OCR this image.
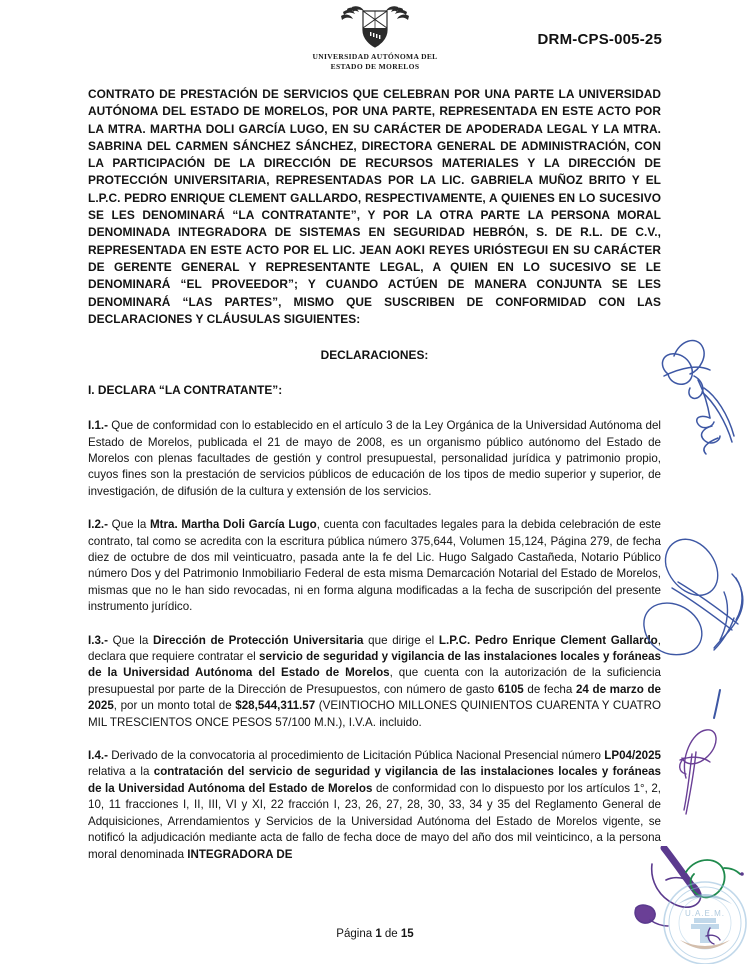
UNIVERSIDAD AUTÓNOMA DEL
ESTADO DE MORELOS
DRM-CPS-005-25

CONTRATO DE PRESTACIÓN DE SERVICIOS QUE CELEBRAN POR UNA PARTE LA UNIVERSIDAD AUTÓNOMA DEL ESTADO DE MORELOS, POR UNA PARTE, REPRESENTADA EN ESTE ACTO POR LA MTRA. MARTHA DOLI GARCÍA LUGO, EN SU CARÁCTER DE APODERADA LEGAL Y LA MTRA. SABRINA DEL CARMEN SÁNCHEZ SÁNCHEZ, DIRECTORA GENERAL DE ADMINISTRACIÓN, CON LA PARTICIPACIÓN DE LA DIRECCIÓN DE RECURSOS MATERIALES Y LA DIRECCIÓN DE PROTECCIÓN UNIVERSITARIA, REPRESENTADAS POR LA LIC. GABRIELA MUÑOZ BRITO Y EL L.P.C. PEDRO ENRIQUE CLEMENT GALLARDO, RESPECTIVAMENTE, A QUIENES EN LO SUCESIVO SE LES DENOMINARÁ “LA CONTRATANTE”, Y POR LA OTRA PARTE LA PERSONA MORAL DENOMINADA INTEGRADORA DE SISTEMAS EN SEGURIDAD HEBRÓN, S. DE R.L. DE C.V., REPRESENTADA EN ESTE ACTO POR EL LIC. JEAN AOKI REYES URIÓSTEGUI EN SU CARÁCTER DE GERENTE GENERAL Y REPRESENTANTE LEGAL, A QUIEN EN LO SUCESIVO SE LE DENOMINARÁ “EL PROVEEDOR”; Y CUANDO ACTÚEN DE MANERA CONJUNTA SE LES DENOMINARÁ “LAS PARTES”, MISMO QUE SUSCRIBEN DE CONFORMIDAD CON LAS DECLARACIONES Y CLÁUSULAS SIGUIENTES:

DECLARACIONES:
I. DECLARA “LA CONTRATANTE”:

I.1.- Que de conformidad con lo establecido en el artículo 3 de la Ley Orgánica de la Universidad Autónoma del Estado de Morelos, publicada el 21 de mayo de 2008, es un organismo público autónomo del Estado de Morelos con plenas facultades de gestión y control presupuestal, personalidad jurídica y patrimonio propio, cuyos fines son la prestación de servicios públicos de educación de los tipos de medio superior y superior, de investigación, de difusión de la cultura y extensión de los servicios.

I.2.- Que la Mtra. Martha Doli García Lugo, cuenta con facultades legales para la debida celebración de este contrato, tal como se acredita con la escritura pública número 375,644, Volumen 15,124, Página 279, de fecha diez de octubre de dos mil veinticuatro, pasada ante la fe del Lic. Hugo Salgado Castañeda, Notario Público número Dos y del Patrimonio Inmobiliario Federal de esta misma Demarcación Notarial del Estado de Morelos, mismas que no le han sido revocadas, ni en forma alguna modificadas a la fecha de suscripción del presente instrumento jurídico.

I.3.- Que la Dirección de Protección Universitaria que dirige el L.P.C. Pedro Enrique Clement Gallardo, declara que requiere contratar el servicio de seguridad y vigilancia de las instalaciones locales y foráneas de la Universidad Autónoma del Estado de Morelos, que cuenta con la autorización de la suficiencia presupuestal por parte de la Dirección de Presupuestos, con número de gasto 6105 de fecha 24 de marzo de 2025, por un monto total de $28,544,311.57 (VEINTIOCHO MILLONES QUINIENTOS CUARENTA Y CUATRO MIL TRESCIENTOS ONCE PESOS 57/100 M.N.), I.V.A. incluido.

I.4.- Derivado de la convocatoria al procedimiento de Licitación Pública Nacional Presencial número LP04/2025 relativa a la contratación del servicio de seguridad y vigilancia de las instalaciones locales y foráneas de la Universidad Autónoma del Estado de Morelos de conformidad con lo dispuesto por los artículos 1°, 2, 10, 11 fracciones I, II, III, VI y XI, 22 fracción I, 23, 26, 27, 28, 30, 33, 34 y 35 del Reglamento General de Adquisiciones, Arrendamientos y Servicios de la Universidad Autónoma del Estado de Morelos vigente, se notificó la adjudicación mediante acta de fallo de fecha doce de mayo del año dos mil veinticinco, a la persona moral denominada INTEGRADORA DE

U.A.E.M.
Página 1 de 15
